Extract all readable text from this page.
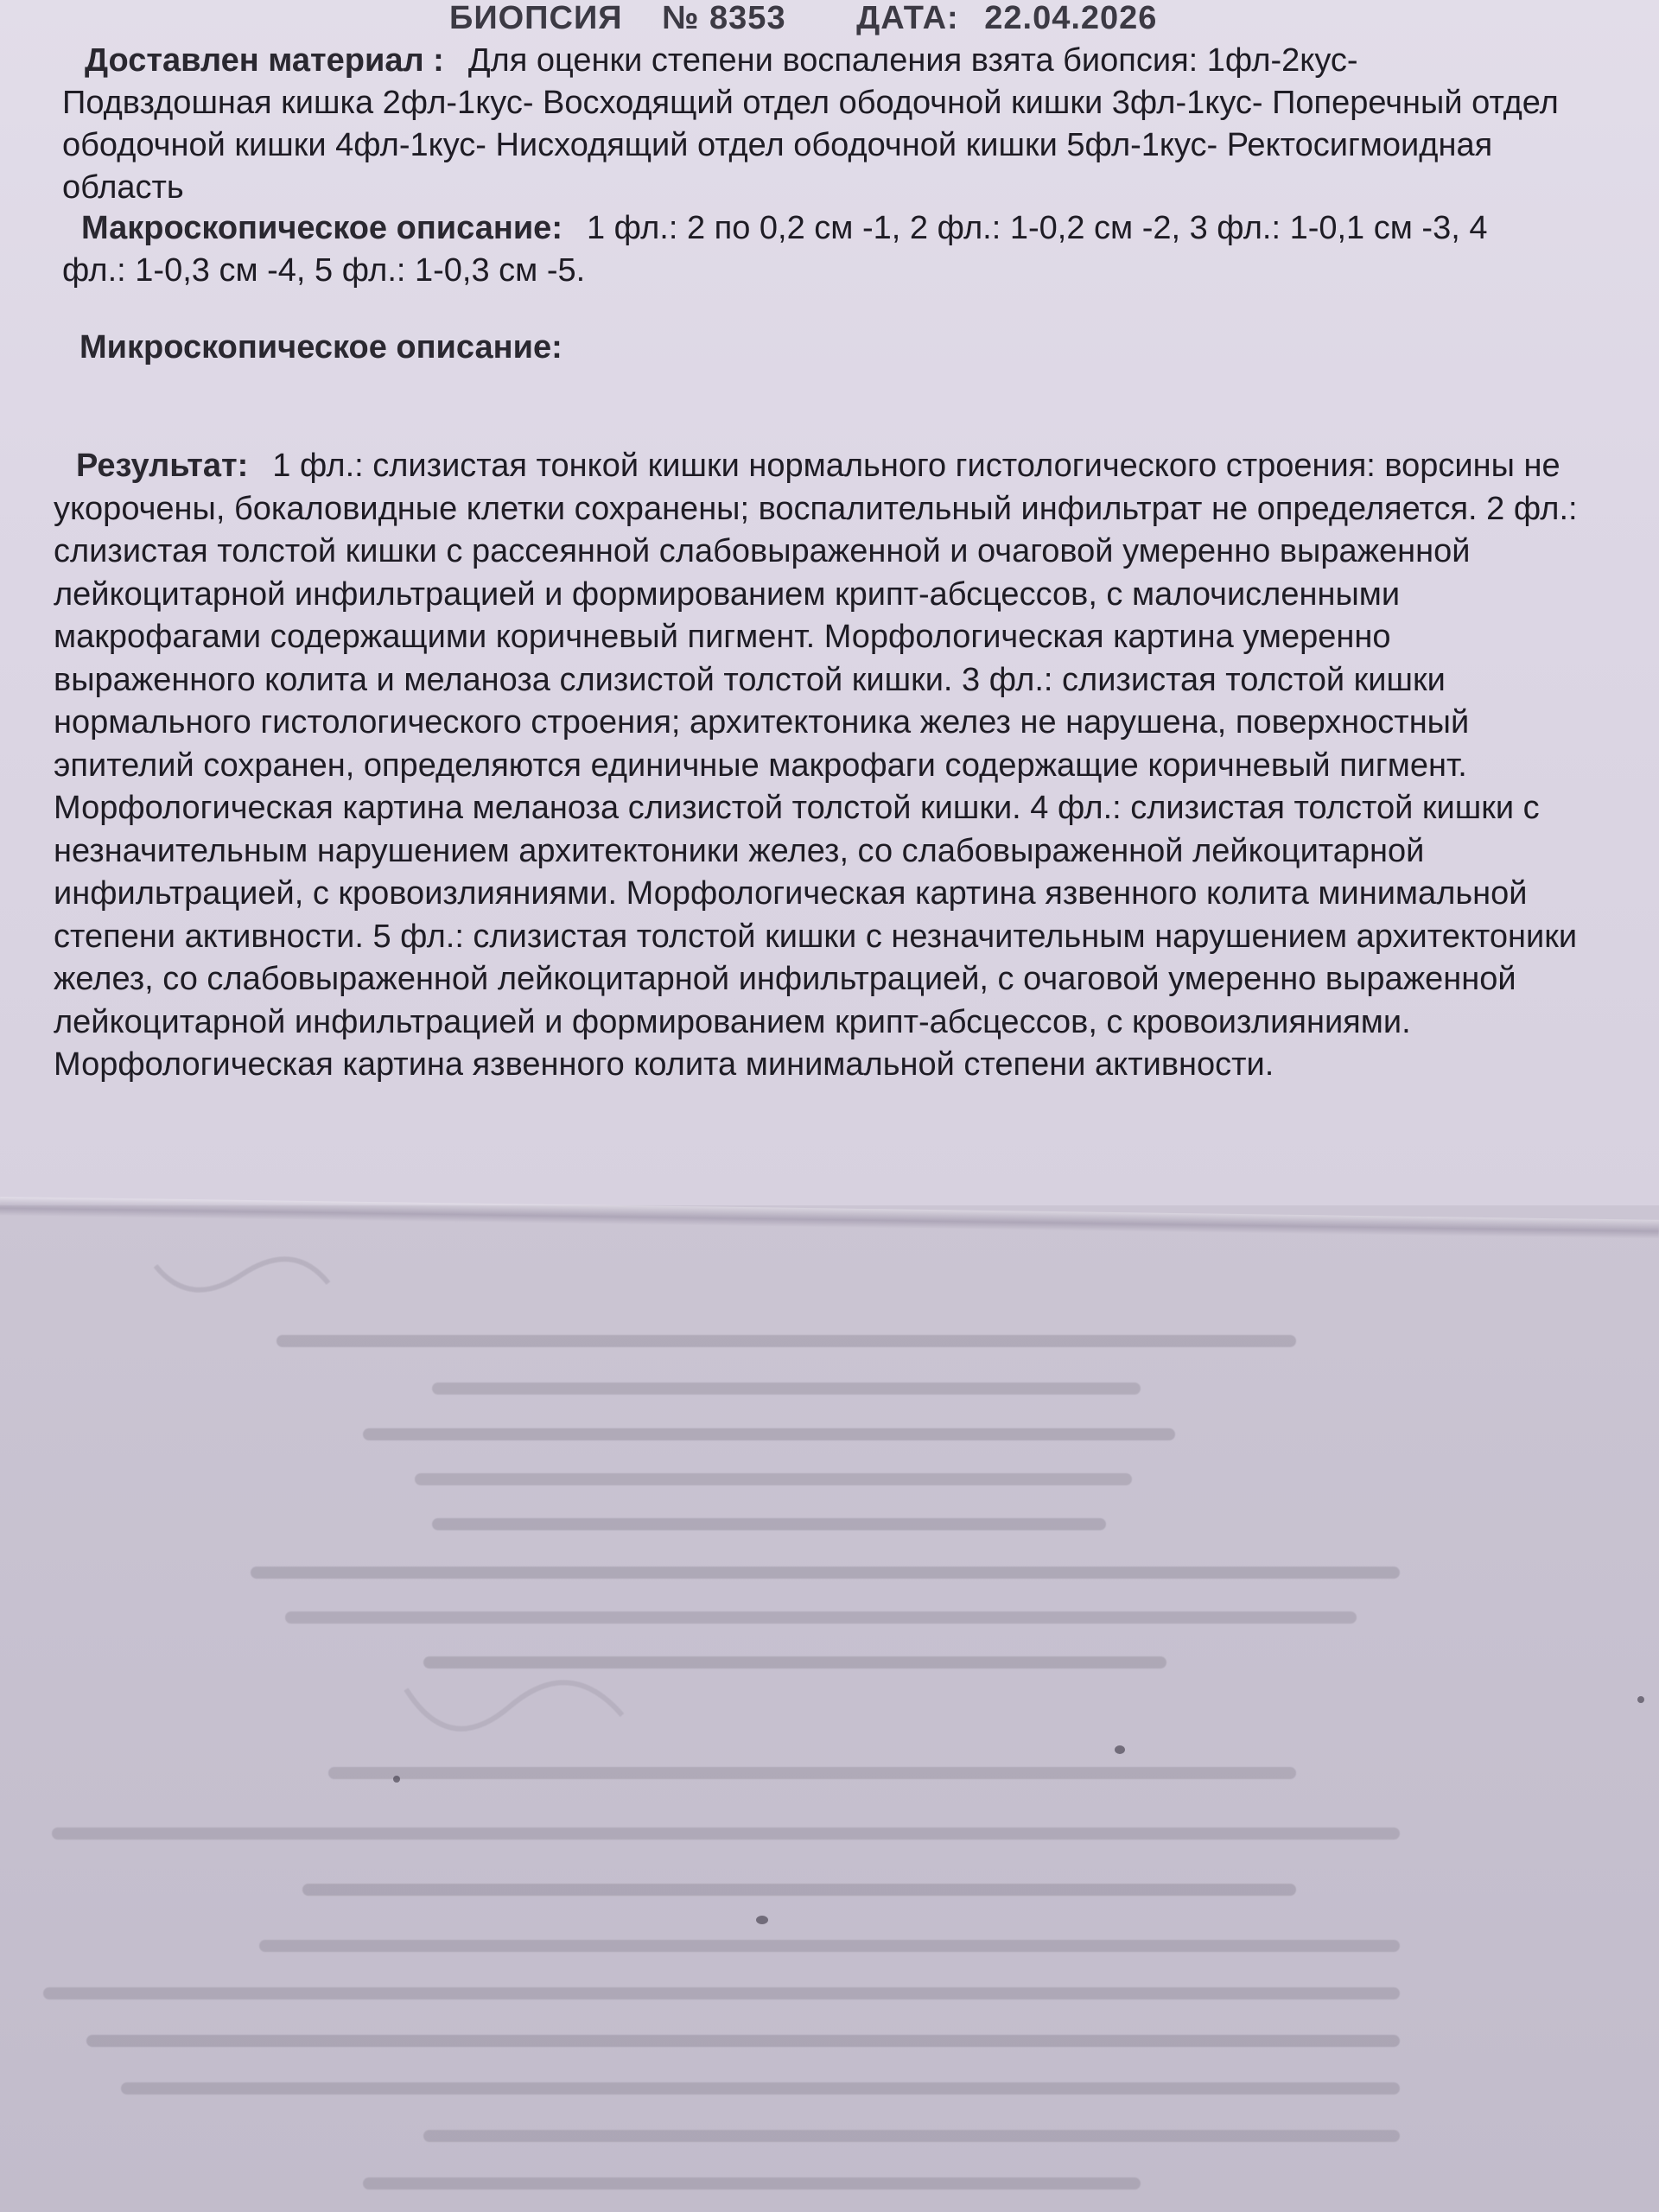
БИОПСИЯ № 8353 ДАТА: 22.04.2026
Доставлен материал : Для оценки степени воспаления взята биопсия: 1фл-2кус- Подвздошная кишка 2фл-1кус- Восходящий отдел ободочной кишки 3фл-1кус- Поперечный отдел ободочной кишки 4фл-1кус- Нисходящий отдел ободочной кишки 5фл-1кус- Ректосигмоидная область
Макроскопическое описание: 1 фл.: 2 по 0,2 см -1, 2 фл.: 1-0,2 см -2, 3 фл.: 1-0,1 см -3, 4 фл.: 1-0,3 см -4, 5 фл.: 1-0,3 см -5.
Микроскопическое описание:
Результат: 1 фл.: слизистая тонкой кишки нормального гистологического строения: ворсины не укорочены, бокаловидные клетки сохранены; воспалительный инфильтрат не определяется. 2 фл.: слизистая толстой кишки с рассеянной слабовыраженной и очаговой умеренно выраженной лейкоцитарной инфильтрацией и формированием крипт-абсцессов, с малочисленными макрофагами содержащими коричневый пигмент. Морфологическая картина умеренно выраженного колита и меланоза слизистой толстой кишки. 3 фл.: слизистая толстой кишки нормального гистологического строения; архитектоника желез не нарушена, поверхностный эпителий сохранен, определяются единичные макрофаги содержащие коричневый пигмент. Морфологическая картина меланоза слизистой толстой кишки. 4 фл.: слизистая толстой кишки с незначительным нарушением архитектоники желез, со слабовыраженной лейкоцитарной инфильтрацией, с кровоизлияниями. Морфологическая картина язвенного колита минимальной степени активности. 5 фл.: слизистая толстой кишки с незначительным нарушением архитектоники желез, со слабовыраженной лейкоцитарной инфильтрацией, с очаговой умеренно выраженной лейкоцитарной инфильтрацией и формированием крипт-абсцессов, с кровоизлияниями. Морфологическая картина язвенного колита минимальной степени активности.
